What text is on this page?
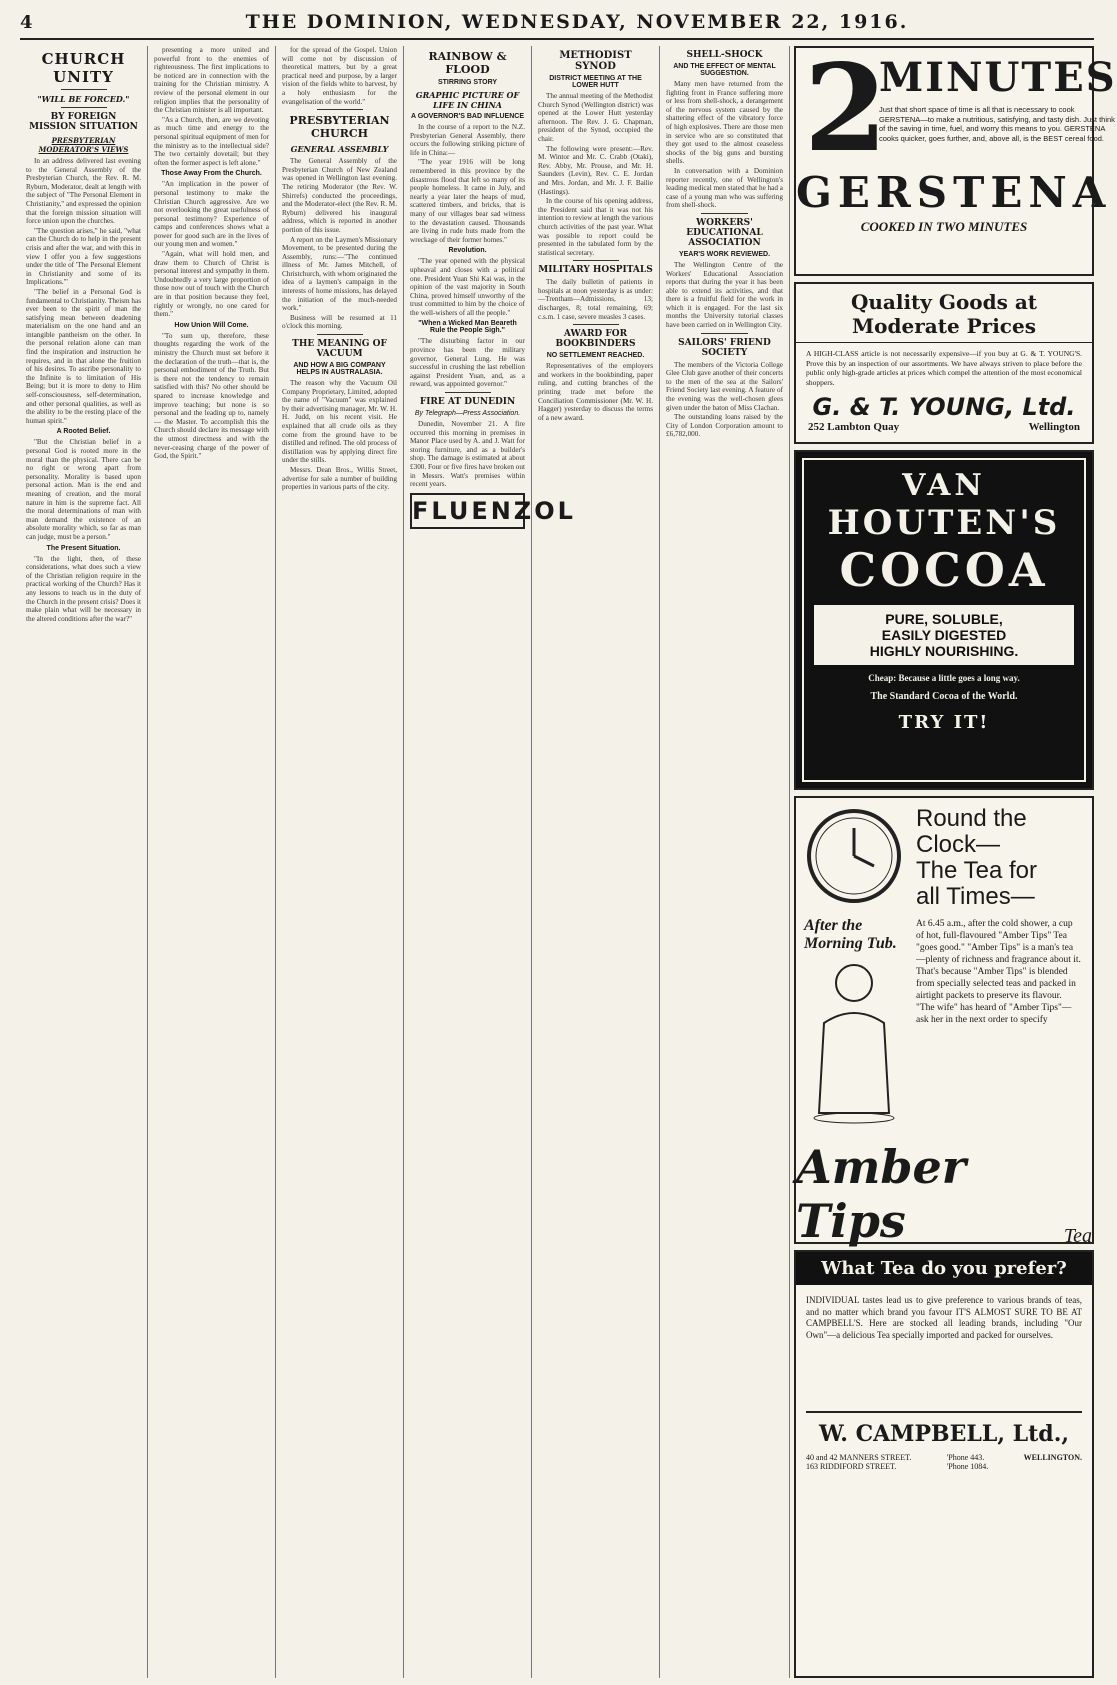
4	THE DOMINION, WEDNESDAY, NOVEMBER 22, 1916.
CHURCH UNITY
"WILL BE FORCED."
BY FOREIGN MISSION SITUATION
PRESBYTERIAN MODERATOR'S VIEWS

In an address delivered last evening to the General Assembly of the Presbyterian Church, the Rev. R. M. Ryburn, Moderator, dealt at length with the subject of "The Personal Element in Christianity," and expressed the opinion that the foreign mission situation will force union upon the churches.

"The question arises," he said, "what can the Church do to help in the present crisis and after the war, and with this in view I offer you a few suggestions under the title of 'The Personal Element in Christianity and some of its Implications.'"

"The belief in a Personal God is fundamental to Christianity. Theism has ever been to the spirit of man the satisfying mean between deadening materialism on the one hand and an intangible pantheism on the other. In the personal relation alone can man find the inspiration and instruction he requires, and in that alone the fruition of his desires. To ascribe personality to the Infinite is to limitation of His Being; but it is more to deny to Him self-consciousness, self-determination, and other personal qualities, as well as the ability to be the resting place of the human spirit."

A Rooted Belief.

"But the Christian belief in a personal God is rooted more in the moral than the physical. There can be no right or wrong apart from personality. Morality is based upon personal action. Man is the end and meaning of creation, and the moral nature in him is the supreme fact. All the moral determinations of man with man demand the existence of an absolute morality which, so far as man can judge, must be a person."

The Present Situation.

"In the light, then, of these considerations, what does such a view of the Christian religion require in the practical working of the Church? Has it any lessons to teach us in the duty of the Church in the present crisis? Does it make plain what will be necessary in the altered conditions after the war?"

presenting a more united and powerful front to the enemies of righteousness. The first implications to be noticed are in connection with the training for the Christian ministry. A review of the personal element in our religion implies that the personality of the Christian minister is all important.

"As a Church, then, are we devoting as much time and energy to the personal spiritual equipment of men for the ministry as to the intellectual side? The two certainly dovetail; but they often the former aspect is left alone."

Those Away From the Church.

"An implication in the power of personal testimony to make the Christian Church aggressive. Are we not overlooking the great usefulness of personal testimony? Experience of camps and conferences shows what a power for good such are in the lives of our young men and women."

"Again, what will hold men, and draw them to Church of Christ is personal interest and sympathy in them. Undoubtedly a very large proportion of those now out of touch with the Church are in that position because they feel, rightly or wrongly, no one cared for them."

How Union Will Come.

"To sum up, therefore, these thoughts regarding the work of the ministry the Church must set before it the declaration of the truth—that is, the personal embodiment of the Truth. But is there not the tendency to remain satisfied with this? No other should be spared to increase knowledge and improve teaching; but none is so personal and the leading up to, namely — the Master. To accomplish this the Church should declare its message with the utmost directness and with the never-ceasing charge of the power of God, the Spirit."

for the spread of the Gospel. Union will come not by discussion of theoretical matters, but by a great practical need and purpose, by a larger vision of the fields white to harvest, by a holy enthusiasm for the evangelisation of the world."

PRESBYTERIAN CHURCH
GENERAL ASSEMBLY

The General Assembly of the Presbyterian Church of New Zealand was opened in Wellington last evening. The retiring Moderator (the Rev. W. Shirrefs) conducted the proceedings, and the Moderator-elect (the Rev. R. M. Ryburn) delivered his inaugural address, which is reported in another portion of this issue.

A report on the Laymen's Missionary Movement, to be presented during the Assembly, runs:—"The continued illness of Mr. James Mitchell, of Christchurch, with whom originated the idea of a laymen's campaign in the interests of home missions, has delayed the initiation of the much-needed work."

Business will be resumed at 11 o'clock this morning.

THE MEANING OF VACUUM
AND HOW A BIG COMPANY HELPS IN AUSTRALASIA.

The reason why the Vacuum Oil Company Proprietary, Limited, adopted the name of "Vacuum" was explained by their advertising manager, Mr. W. H. H. Judd, on his recent visit. He explained that all crude oils as they come from the ground have to be distilled and refined. The old process of distillation was by applying direct fire under the stills.

Messrs. Dean Bros., Willis Street, advertise for sale a number of building properties in various parts of the city.

RAINBOW & FLOOD
STIRRING STORY
GRAPHIC PICTURE OF LIFE IN CHINA
A GOVERNOR'S BAD INFLUENCE

In the course of a report to the N.Z. Presbyterian General Assembly, there occurs the following striking picture of life in China:—

"The year 1916 will be long remembered in this province by the disastrous flood that left so many of its people homeless. It came in July, and nearly a year later the heaps of mud, scattered timbers, and bricks, that is many of our villages bear sad witness to the devastation caused. Thousands are living in rude huts made from the wreckage of their former homes."

Revolution.

"The year opened with the physical upheaval and closes with a political one. President Yuan Shi Kai was, in the opinion of the vast majority in South China, proved himself unworthy of the trust committed to him by the choice of the well-wishers of all the people."

"When a Wicked Man Beareth Rule the People Sigh."

"The disturbing factor in our province has been the military governor, General Lung. He was successful in crushing the last rebellion against President Yuan, and, as a reward, was appointed governor."

FIRE AT DUNEDIN
By Telegraph—Press Association.

Dunedin, November 21. A fire occurred this morning in premises in Manor Place used by A. and J. Watt for storing furniture, and as a builder's shop. The damage is estimated at about £300. Four or five fires have broken out in Messrs. Watt's premises within recent years.

FLUENZOL
METHODIST SYNOD
DISTRICT MEETING AT THE LOWER HUTT

The annual meeting of the Methodist Church Synod (Wellington district) was opened at the Lower Hutt yesterday afternoon. The Rev. J. G. Chapman, president of the Synod, occupied the chair.

The following were present:—Rev. M. Wintor and Mr. C. Crabb (Otaki), Rev. Abby, Mr. Prouse, and Mr. H. Saunders (Levin), Rev. C. E. Jordan and Mrs. Jordan, and Mr. J. F. Bailie (Hastings).

In the course of his opening address, the President said that it was not his intention to review at length the various church activities of the past year. What was possible to report could be presented in the tabulated form by the statistical secretary.

MILITARY HOSPITALS

The daily bulletin of patients in hospitals at noon yesterday is as under:—Trentham—Admissions, 13; discharges, 8; total remaining, 69; c.s.m. 1 case, severe measles 3 cases.

AWARD FOR BOOKBINDERS
NO SETTLEMENT REACHED.

Representatives of the employers and workers in the bookbinding, paper ruling, and cutting branches of the printing trade met before the Conciliation Commissioner (Mr. W. H. Hagger) yesterday to discuss the terms of a new award.

SHELL-SHOCK
AND THE EFFECT OF MENTAL SUGGESTION.

Many men have returned from the fighting front in France suffering more or less from shell-shock, a derangement of the nervous system caused by the shattering effect of the vibratory force of high explosives. There are those men in service who are so constituted that they got used to the almost ceaseless shocks of the big guns and bursting shells.

In conversation with a Dominion reporter recently, one of Wellington's leading medical men stated that he had a case of a young man who was suffering from shell-shock.

WORKERS' EDUCATIONAL ASSOCIATION
YEAR'S WORK REVIEWED.

The Wellington Centre of the Workers' Educational Association reports that during the year it has been able to extend its activities, and that there is a fruitful field for the work in which it is engaged. For the last six months the University tutorial classes have been carried on in Wellington City.

SAILORS' FRIEND SOCIETY

The members of the Victoria College Glee Club gave another of their concerts to the men of the sea at the Sailors' Friend Society last evening. A feature of the evening was the well-chosen glees given under the baton of Miss Clachan.

The outstanding loans raised by the City of London Corporation amount to £6,782,000.

2
MINUTES
Just that short space of time is all that is necessary to cook GERSTENA—to make a nutritious, satisfying, and tasty dish. Just think of the saving in time, fuel, and worry this means to you. GERSTENA cooks quicker, goes further, and, above all, is the BEST cereal food.
GERSTENA
COOKED IN TWO MINUTES
Quality Goods at Moderate Prices
A HIGH-CLASS article is not necessarily expensive—if you buy at G. & T. YOUNG'S. Prove this by an inspection of our assortments. We have always striven to place before the public only high-grade articles at prices which compel the attention of the most economical shoppers.
G. & T. YOUNG, Ltd.
252 Lambton Quay	Wellington
VAN
HOUTEN'S
COCOA
PURE, SOLUBLE,
EASILY DIGESTED
HIGHLY NOURISHING.
Cheap: Because a little goes a long way.
The Standard Cocoa of the World.
TRY IT!
After the Morning Tub.
Round the
Clock—
The Tea for
all Times—
At 6.45 a.m., after the cold shower, a cup of hot, full-flavoured "Amber Tips" Tea "goes good." "Amber Tips" is a man's tea—plenty of richness and fragrance about it. That's because "Amber Tips" is blended from specially selected teas and packed in airtight packets to preserve its flavour. "The wife" has heard of "Amber Tips"—ask her in the next order to specify
Amber Tips	Tea
What Tea do you prefer?
INDIVIDUAL tastes lead us to give preference to various brands of teas, and no matter which brand you favour IT'S ALMOST SURE TO BE AT CAMPBELL'S. Here are stocked all leading brands, including "Our Own"—a delicious Tea specially imported and packed for ourselves.
W. CAMPBELL, Ltd.,
40 and 42 MANNERS STREET.
163 RIDDIFORD STREET.
'Phone 443.
'Phone 1084.
WELLINGTON.
